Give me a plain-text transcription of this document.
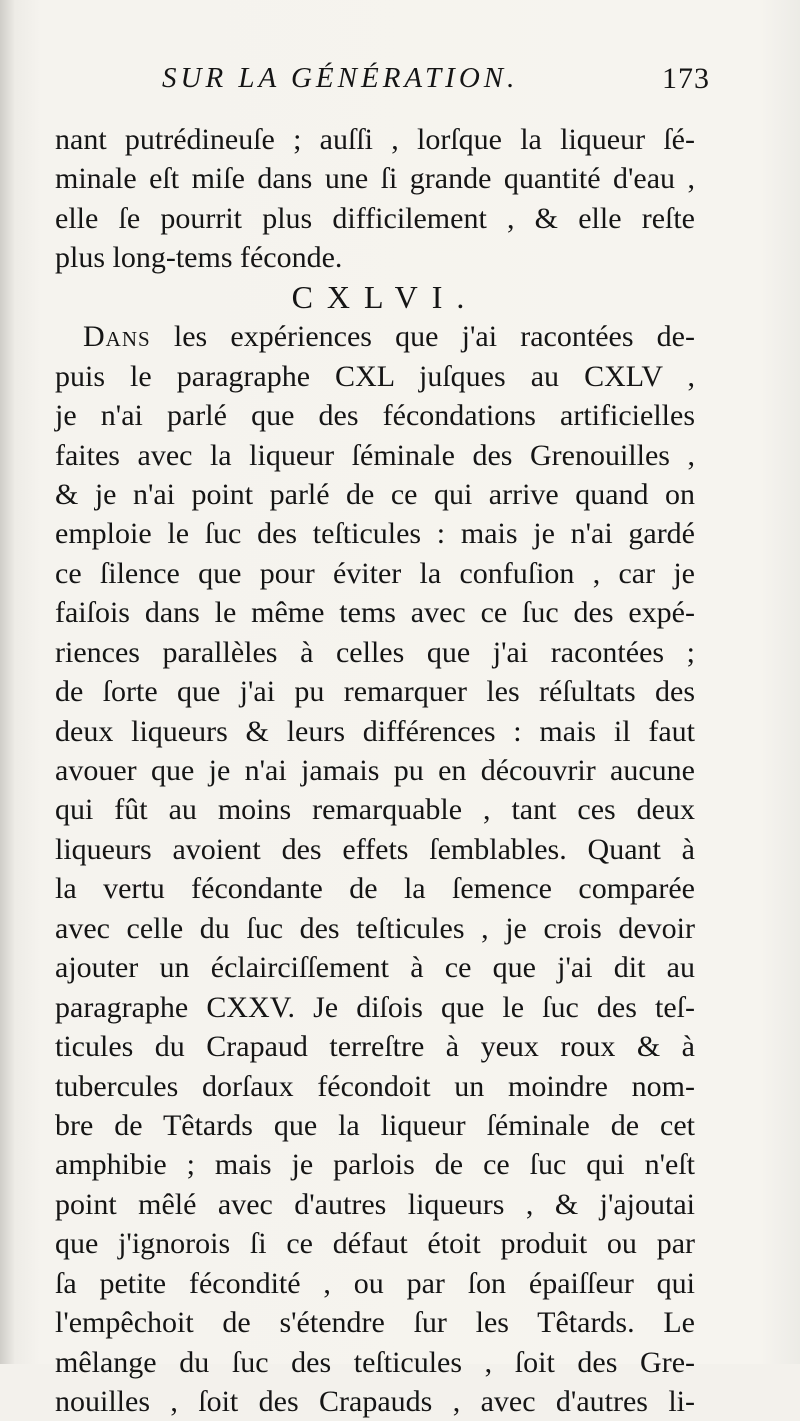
SUR LA GÉNÉRATION.	173
nant putrédineuſe ; auſſi , lorſque la liqueur ſé-
minale eſt miſe dans une ſi grande quantité d'eau ,
elle ſe pourrit plus difficilement , & elle reſte
plus long-tems féconde.
CXLVI.
Dans les expériences que j'ai racontées de-
puis le paragraphe CXL juſques au CXLV ,
je n'ai parlé que des fécondations artificielles
faites avec la liqueur ſéminale des Grenouilles ,
& je n'ai point parlé de ce qui arrive quand on
emploie le ſuc des teſticules : mais je n'ai gardé
ce ſilence que pour éviter la confuſion , car je
faiſois dans le même tems avec ce ſuc des expé-
riences parallèles à celles que j'ai racontées ;
de ſorte que j'ai pu remarquer les réſultats des
deux liqueurs & leurs différences : mais il faut
avouer que je n'ai jamais pu en découvrir aucune
qui fût au moins remarquable , tant ces deux
liqueurs avoient des effets ſemblables. Quant à
la vertu fécondante de la ſemence comparée
avec celle du ſuc des teſticules , je crois devoir
ajouter un éclairciſſement à ce que j'ai dit au
paragraphe CXXV. Je diſois que le ſuc des teſ-
ticules du Crapaud terreſtre à yeux roux & à
tubercules dorſaux fécondoit un moindre nom-
bre de Têtards que la liqueur ſéminale de cet
amphibie ; mais je parlois de ce ſuc qui n'eſt
point mêlé avec d'autres liqueurs , & j'ajoutai
que j'ignorois ſi ce défaut étoit produit ou par
ſa petite fécondité , ou par ſon épaiſſeur qui
l'empêchoit de s'étendre ſur les Têtards. Le
mêlange du ſuc des teſticules , ſoit des Gre-
nouilles , ſoit des Crapauds , avec d'autres li-
